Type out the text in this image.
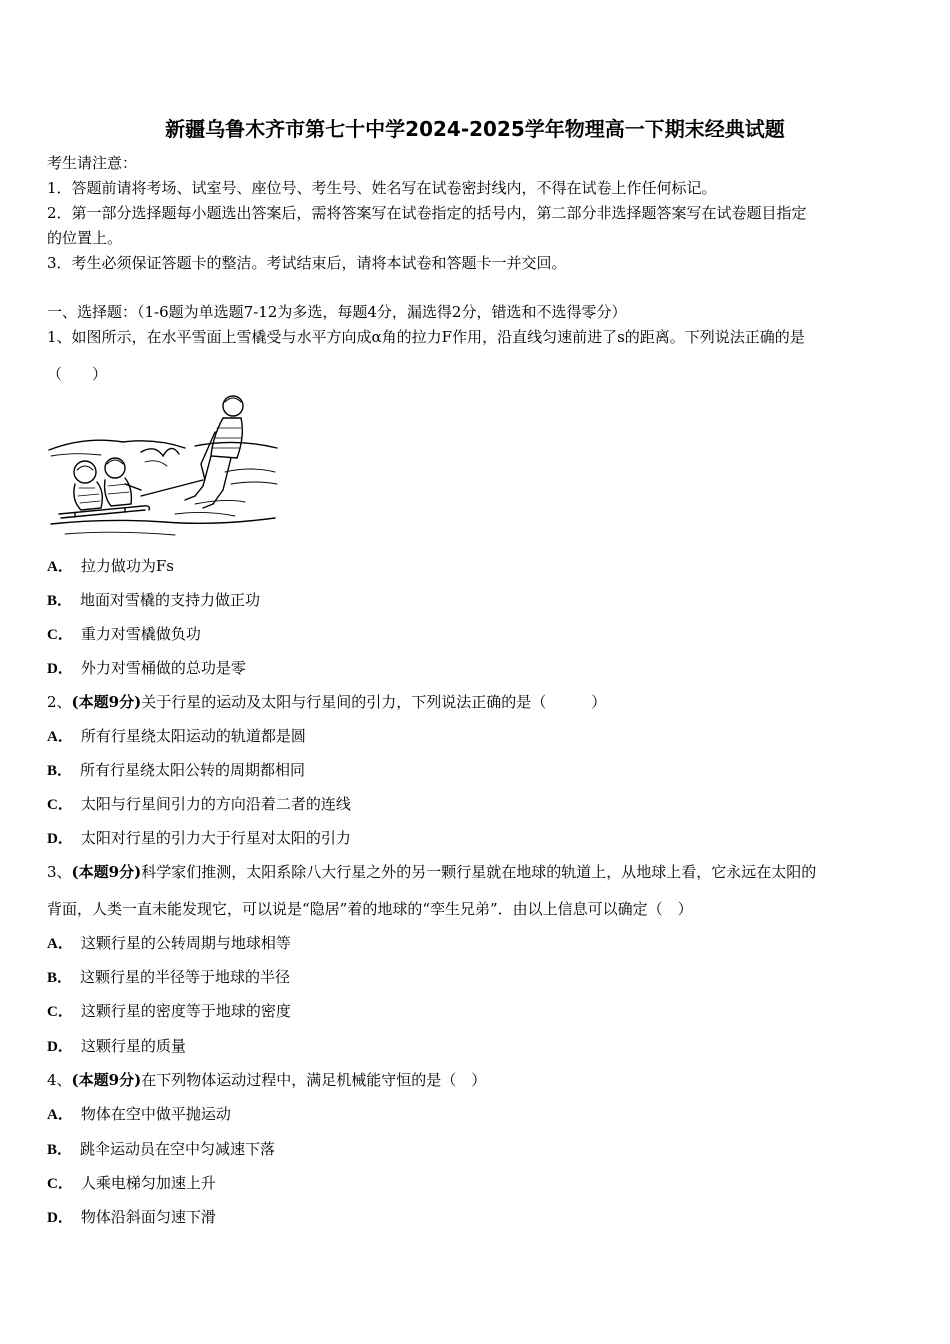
新疆乌鲁木齐市第七十中学2024-2025学年物理高一下期末经典试题
考生请注意：
1．答题前请将考场、试室号、座位号、考生号、姓名写在试卷密封线内，不得在试卷上作任何标记。
2．第一部分选择题每小题选出答案后，需将答案写在试卷指定的括号内，第二部分非选择题答案写在试卷题目指定
的位置上。
3．考生必须保证答题卡的整洁。考试结束后，请将本试卷和答题卡一并交回。
一、选择题：（1-6题为单选题7-12为多选，每题4分，漏选得2分，错选和不选得零分）
1、如图所示，在水平雪面上雪橇受与水平方向成α角的拉力F作用，沿直线匀速前进了s的距离。下列说法正确的是
（　　）
A． 拉力做功为Fs
B． 地面对雪橇的支持力做正功
C． 重力对雪橇做负功
D． 外力对雪桶做的总功是零
2、(本题9分)关于行星的运动及太阳与行星间的引力，下列说法正确的是（　　　）
A． 所有行星绕太阳运动的轨道都是圆
B． 所有行星绕太阳公转的周期都相同
C． 太阳与行星间引力的方向沿着二者的连线
D． 太阳对行星的引力大于行星对太阳的引力
3、(本题9分)科学家们推测，太阳系除八大行星之外的另一颗行星就在地球的轨道上，从地球上看，它永远在太阳的
背面，人类一直未能发现它，可以说是“隐居”着的地球的“孪生兄弟”．由以上信息可以确定（　）
A． 这颗行星的公转周期与地球相等
B． 这颗行星的半径等于地球的半径
C． 这颗行星的密度等于地球的密度
D． 这颗行星的质量
4、(本题9分)在下列物体运动过程中，满足机械能守恒的是（　）
A． 物体在空中做平抛运动
B． 跳伞运动员在空中匀减速下落
C． 人乘电梯匀加速上升
D． 物体沿斜面匀速下滑
